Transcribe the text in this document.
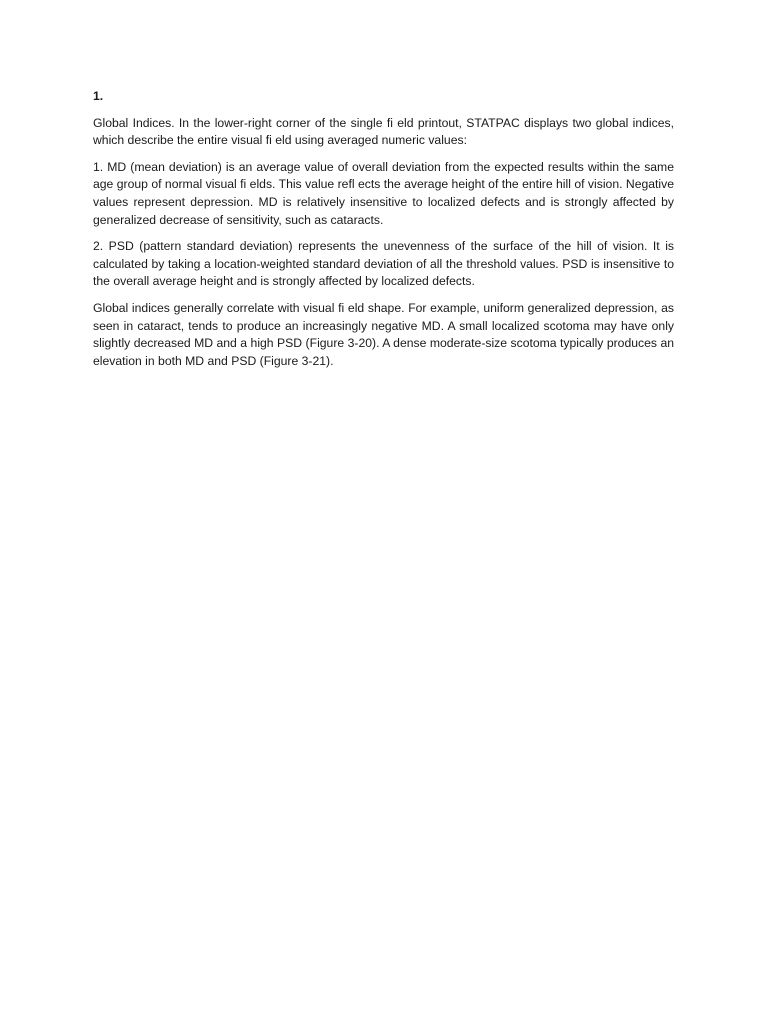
1.

Global Indices. In the lower-right corner of the single fi eld printout, STATPAC displays two global indices, which describe the entire visual fi eld using averaged numeric values:

1. MD (mean deviation) is an average value of overall deviation from the expected results within the same age group of normal visual fi elds. This value refl ects the average height of the entire hill of vision. Negative values represent depression. MD is relatively insensitive to localized defects and is strongly affected by generalized decrease of sensitivity, such as cataracts.

2. PSD (pattern standard deviation) represents the unevenness of the surface of the hill of vision. It is calculated by taking a location-weighted standard deviation of all the threshold values. PSD is insensitive to the overall average height and is strongly affected by localized defects.

Global indices generally correlate with visual fi eld shape. For example, uniform generalized depression, as seen in cataract, tends to produce an increasingly negative MD. A small localized scotoma may have only slightly decreased MD and a high PSD (Figure 3-20). A dense moderate-size scotoma typically produces an elevation in both MD and PSD (Figure 3-21).
